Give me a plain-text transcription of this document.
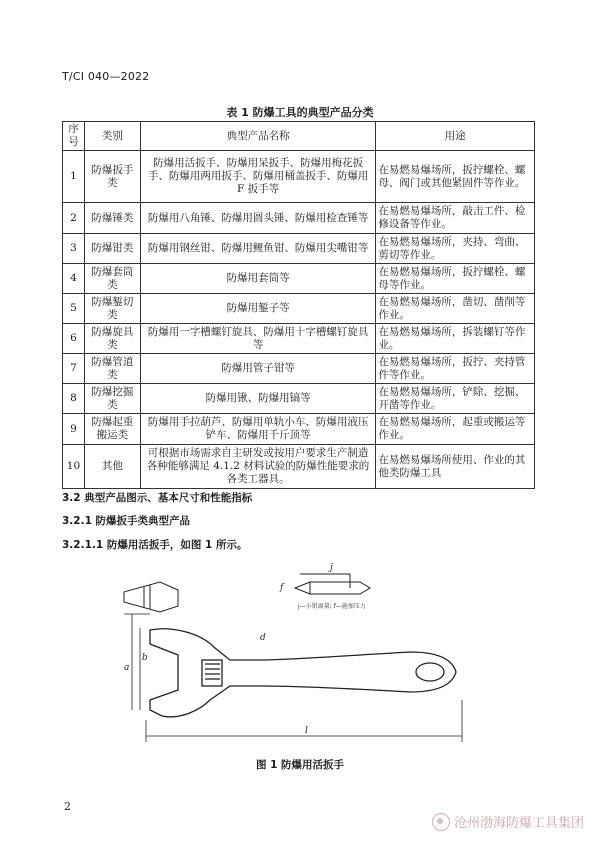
T/CI 040—2022
表 1 防爆工具的典型产品分类
序号	类别	典型产品名称	用途
1	防爆扳手类	防爆用活扳手、防爆用呆扳手、防爆用梅花扳手、防爆用两用扳手、防爆用桶盖扳手、防爆用 F 扳手等	在易燃易爆场所，扳拧螺栓、螺母、阀门或其他紧固件等作业。
2	防爆锤类	防爆用八角锤、防爆用圆头锤、防爆用检查锤等	在易燃易爆场所，敲击工件、检修设备等作业。
3	防爆钳类	防爆用钢丝钳、防爆用鲤鱼钳、防爆用尖嘴钳等	在易燃易爆场所，夹持、弯曲、剪切等作业。
4	防爆套筒类	防爆用套筒等	在易燃易爆场所，扳拧螺栓、螺母等作业。
5	防爆錾切类	防爆用錾子等	在易燃易爆场所，凿切、凿削等作业。
6	防爆旋具类	防爆用一字槽螺钉旋具、防爆用十字槽螺钉旋具等	在易燃易爆场所，拆装螺钉等作业。
7	防爆管道类	防爆用管子钳等	在易燃易爆场所，扳拧、夹持管件等作业。
8	防爆挖掘类	防爆用锹、防爆用镐等	在易燃易爆场所，铲除、挖掘、开凿等作业。
9	防爆起重搬运类	防爆用手拉葫芦、防爆用单轨小车、防爆用液压铲车、防爆用千斤顶等	在易燃易爆场所，起重或搬运等作业。
10	其他	可根据市场需求自主研发或按用户要求生产制造各种能够满足 4.1.2 材料试验的防爆性能要求的各类工器具。	在易燃易爆场所使用、作业的其他类防爆工具
3.2 典型产品图示、基本尺寸和性能指标
3.2.1 防爆扳手类典型产品
3.2.1.1 防爆用活扳手，如图 1 所示。
f
j
l
a
b
d
j—小钳离量; f—施加压力
图 1 防爆用活扳手
2
沧州渤海防爆工具集团
